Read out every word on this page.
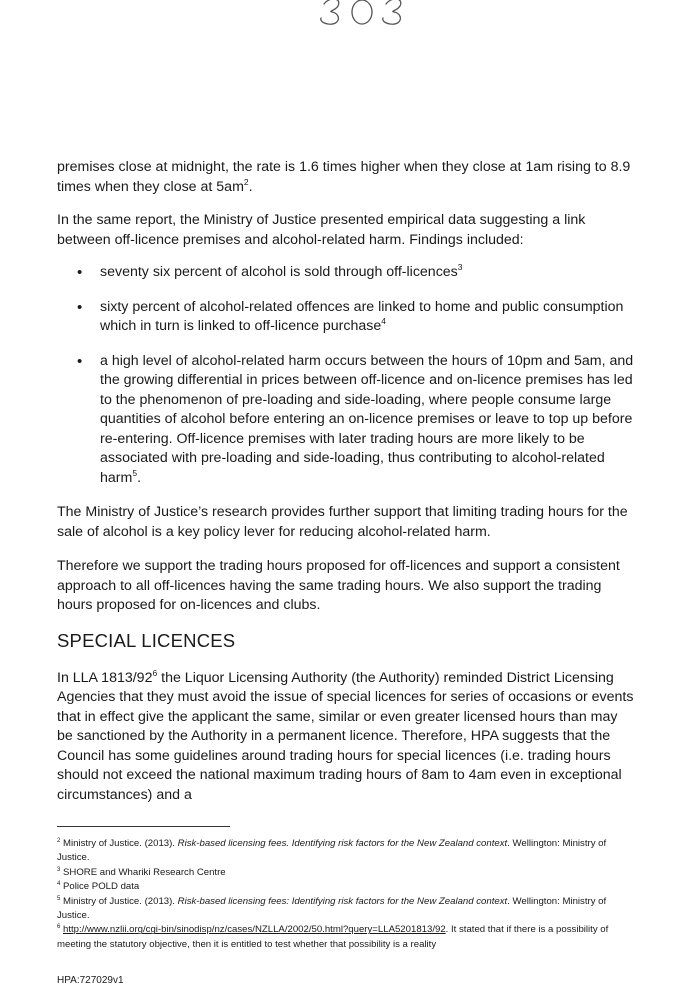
premises close at midnight, the rate is 1.6 times higher when they close at 1am rising to 8.9 times when they close at $5am^2$.

In the same report, the Ministry of Justice presented empirical data suggesting a link between off-licence premises and alcohol-related harm. Findings included:

• seventy six percent of alcohol is sold through off-licences$^3$
• sixty percent of alcohol-related offences are linked to home and public consumption which in turn is linked to off-licence purchase$^4$
• a high level of alcohol-related harm occurs between the hours of 10pm and 5am, and the growing differential in prices between off-licence and on-licence premises has led to the phenomenon of pre-loading and side-loading, where people consume large quantities of alcohol before entering an on-licence premises or leave to top up before re-entering. Off-licence premises with later trading hours are more likely to be associated with pre-loading and side-loading, thus contributing to alcohol-related harm$^5$.

The Ministry of Justice’s research provides further support that limiting trading hours for the sale of alcohol is a key policy lever for reducing alcohol-related harm.

Therefore we support the trading hours proposed for off-licences and support a consistent approach to all off-licences having the same trading hours. We also support the trading hours proposed for on-licences and clubs.

SPECIAL LICENCES

In LLA $1813/92^6$ the Liquor Licensing Authority (the Authority) reminded District Licensing Agencies that they must avoid the issue of special licences for series of occasions or events that in effect give the applicant the same, similar or even greater licensed hours than may be sanctioned by the Authority in a permanent licence. Therefore, HPA suggests that the Council has some guidelines around trading hours for special licences (i.e. trading hours should not exceed the national maximum trading hours of 8am to 4am even in exceptional circumstances) and a

$^2$ Ministry of Justice. (2013). Risk-based licensing fees. Identifying risk factors for the New Zealand context. Wellington: Ministry of Justice.

$^3$ SHORE and Whariki Research Centre

$^4$ Police POLD data

$^5$ Ministry of Justice. (2013). Risk-based licensing fees: Identifying risk factors for the New Zealand context. Wellington: Ministry of Justice.

$^6$ http://www.nzlii.org/cgi-bin/sinodisp/nz/cases/NZLLA/2002/50.html?query=LLA5201813/92. It stated that if there is a possibility of meeting the statutory objective, then it is entitled to test whether that possibility is a reality

HPA:727029v1
